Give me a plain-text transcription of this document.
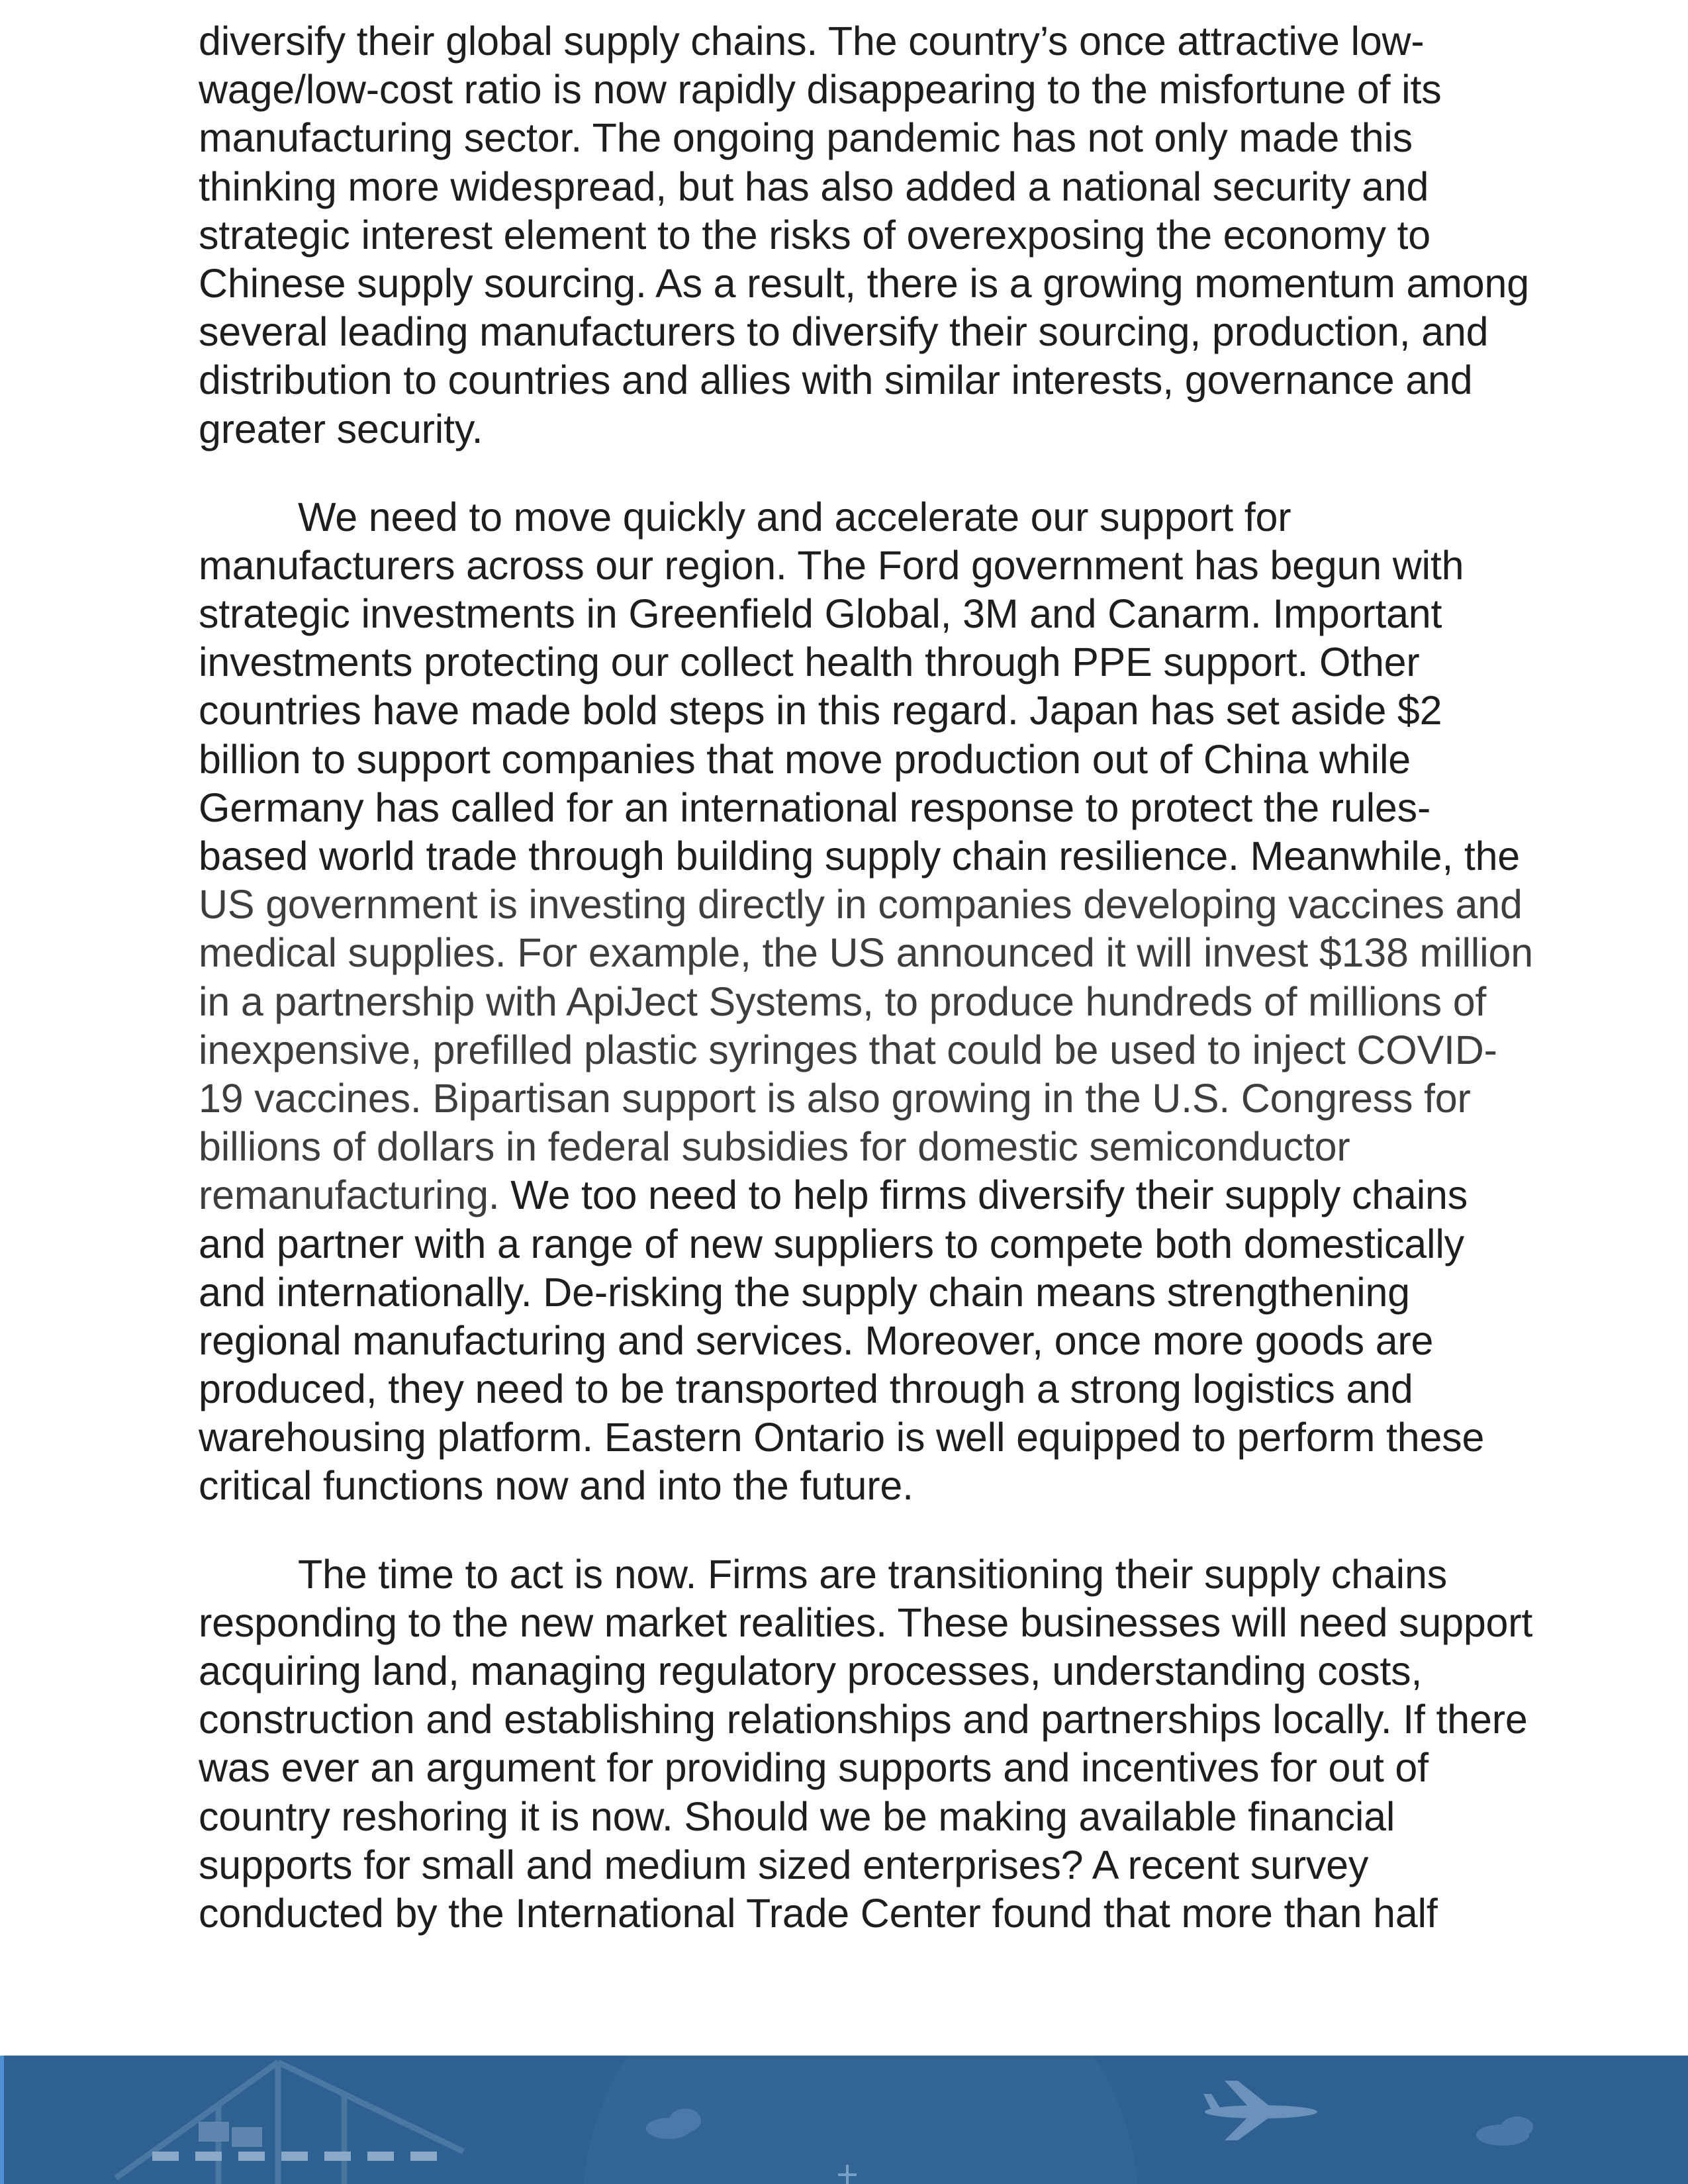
diversify their global supply chains. The country’s once attractive low-
wage/low-cost ratio is now rapidly disappearing to the misfortune of its
manufacturing sector. The ongoing pandemic has not only made this
thinking more widespread, but has also added a national security and
strategic interest element to the risks of overexposing the economy to
Chinese supply sourcing. As a result, there is a growing momentum among
several leading manufacturers to diversify their sourcing, production, and
distribution to countries and allies with similar interests, governance and
greater security.
We need to move quickly and accelerate our support for
manufacturers across our region. The Ford government has begun with
strategic investments in Greenfield Global, 3M and Canarm. Important
investments protecting our collect health through PPE support. Other
countries have made bold steps in this regard. Japan has set aside $2
billion to support companies that move production out of China while
Germany has called for an international response to protect the rules-
based world trade through building supply chain resilience. Meanwhile, the
US government is investing directly in companies developing vaccines and
medical supplies. For example, the US announced it will invest $138 million
in a partnership with ApiJect Systems, to produce hundreds of millions of
inexpensive, prefilled plastic syringes that could be used to inject COVID-
19 vaccines. Bipartisan support is also growing in the U.S. Congress for
billions of dollars in federal subsidies for domestic semiconductor
remanufacturing. We too need to help firms diversify their supply chains
and partner with a range of new suppliers to compete both domestically
and internationally. De-risking the supply chain means strengthening
regional manufacturing and services. Moreover, once more goods are
produced, they need to be transported through a strong logistics and
warehousing platform. Eastern Ontario is well equipped to perform these
critical functions now and into the future.
The time to act is now. Firms are transitioning their supply chains
responding to the new market realities. These businesses will need support
acquiring land, managing regulatory processes, understanding costs,
construction and establishing relationships and partnerships locally. If there
was ever an argument for providing supports and incentives for out of
country reshoring it is now. Should we be making available financial
supports for small and medium sized enterprises? A recent survey
conducted by the International Trade Center found that more than half
